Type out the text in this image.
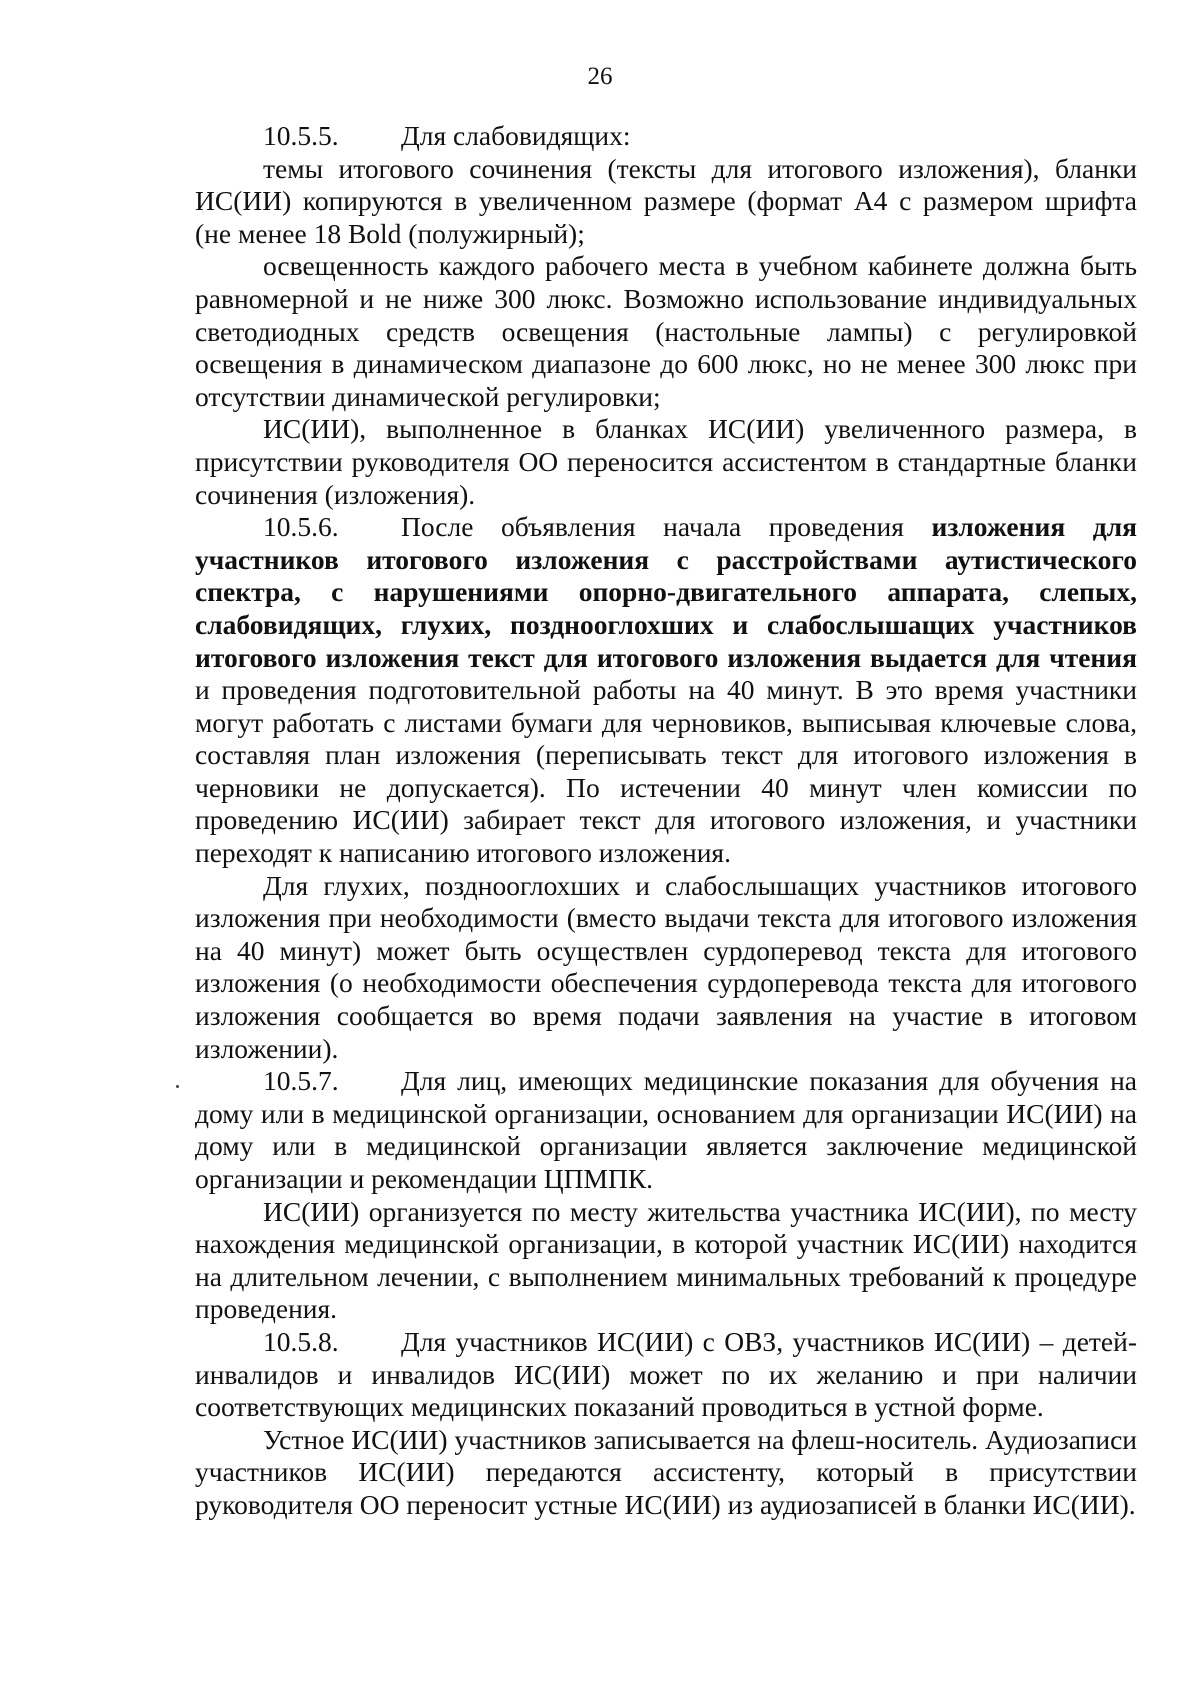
26

10.5.5. Для слабовидящих:

темы итогового сочинения (тексты для итогового изложения), бланки ИС(ИИ) копируются в увеличенном размере (формат А4 с размером шрифта (не менее 18 Bold (полужирный);

освещенность каждого рабочего места в учебном кабинете должна быть равномерной и не ниже 300 люкс. Возможно использование индивидуальных светодиодных средств освещения (настольные лампы) с регулировкой освещения в динамическом диапазоне до 600 люкс, но не менее 300 люкс при отсутствии динамической регулировки;

ИС(ИИ), выполненное в бланках ИС(ИИ) увеличенного размера, в присутствии руководителя ОО переносится ассистентом в стандартные бланки сочинения (изложения).

10.5.6. После объявления начала проведения изложения для участников итогового изложения с расстройствами аутистического спектра, с нарушениями опорно-двигательного аппарата, слепых, слабовидящих, глухих, позднооглохших и слабослышащих участников итогового изложения текст для итогового изложения выдается для чтения и проведения подготовительной работы на 40 минут. В это время участники могут работать с листами бумаги для черновиков, выписывая ключевые слова, составляя план изложения (переписывать текст для итогового изложения в черновики не допускается). По истечении 40 минут член комиссии по проведению ИС(ИИ) забирает текст для итогового изложения, и участники переходят к написанию итогового изложения.

Для глухих, позднооглохших и слабослышащих участников итогового изложения при необходимости (вместо выдачи текста для итогового изложения на 40 минут) может быть осуществлен сурдоперевод текста для итогового изложения (о необходимости обеспечения сурдоперевода текста для итогового изложения сообщается во время подачи заявления на участие в итоговом изложении).

10.5.7. Для лиц, имеющих медицинские показания для обучения на дому или в медицинской организации, основанием для организации ИС(ИИ) на дому или в медицинской организации является заключение медицинской организации и рекомендации ЦПМПК.

ИС(ИИ) организуется по месту жительства участника ИС(ИИ), по месту нахождения медицинской организации, в которой участник ИС(ИИ) находится на длительном лечении, с выполнением минимальных требований к процедуре проведения.

10.5.8. Для участников ИС(ИИ) с ОВЗ, участников ИС(ИИ) – детей- инвалидов и инвалидов ИС(ИИ) может по их желанию и при наличии соответствующих медицинских показаний проводиться в устной форме.

Устное ИС(ИИ) участников записывается на флеш-носитель. Аудиозаписи участников ИС(ИИ) передаются ассистенту, который в присутствии руководителя ОО переносит устные ИС(ИИ) из аудиозаписей в бланки ИС(ИИ).
